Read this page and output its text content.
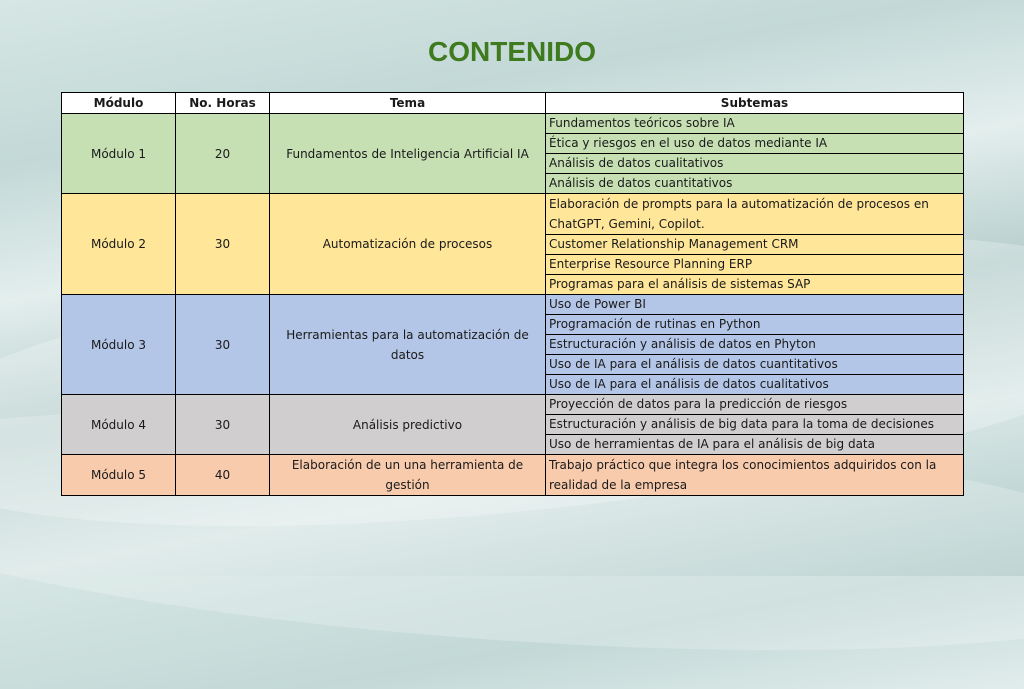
CONTENIDO
Módulo	No. Horas	Tema	Subtemas
Módulo 1	20	Fundamentos de Inteligencia Artificial IA	Fundamentos teóricos sobre IA
			Ética y riesgos en el uso de datos mediante IA
			Análisis de datos cualitativos
			Análisis de datos cuantitativos
Módulo 2	30	Automatización de procesos	Elaboración de prompts para la automatización de procesos en ChatGPT, Gemini, Copilot.
			Customer Relationship Management CRM
			Enterprise Resource Planning ERP
			Programas para el análisis de sistemas SAP
Módulo 3	30	Herramientas para la automatización de datos	Uso de Power BI
			Programación de rutinas en Python
			Estructuración y análisis de datos en Phyton
			Uso de IA para el análisis de datos cuantitativos
			Uso de IA para el análisis de datos cualitativos
Módulo 4	30	Análisis predictivo	Proyección de datos para la predicción de riesgos
			Estructuración y análisis de big data para la toma de decisiones
			Uso de herramientas de IA para el análisis de big data
Módulo 5	40	Elaboración de un una herramienta de gestión	Trabajo práctico que integra los conocimientos adquiridos con la realidad de la empresa
